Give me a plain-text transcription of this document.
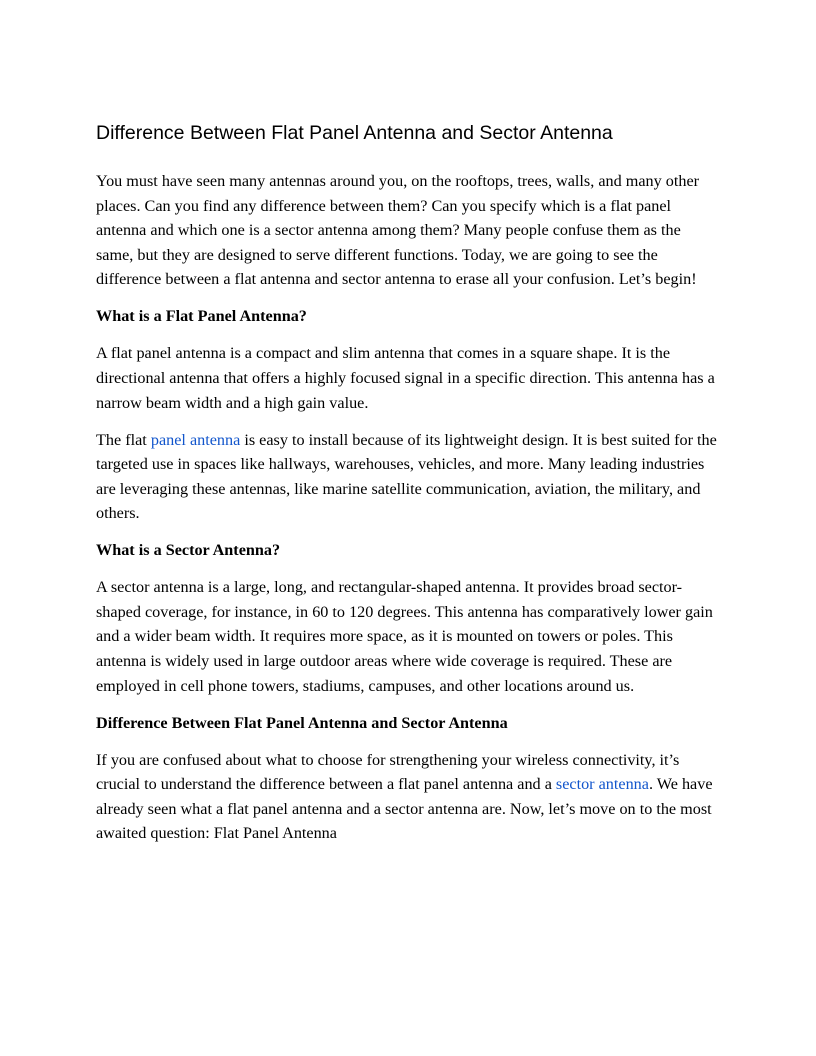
Difference Between Flat Panel Antenna and Sector Antenna

You must have seen many antennas around you, on the rooftops, trees, walls, and many other places. Can you find any difference between them? Can you specify which is a flat panel antenna and which one is a sector antenna among them? Many people confuse them as the same, but they are designed to serve different functions. Today, we are going to see the difference between a flat antenna and sector antenna to erase all your confusion. Let’s begin!

What is a Flat Panel Antenna?

A flat panel antenna is a compact and slim antenna that comes in a square shape. It is the directional antenna that offers a highly focused signal in a specific direction. This antenna has a narrow beam width and a high gain value.

The flat panel antenna is easy to install because of its lightweight design. It is best suited for the targeted use in spaces like hallways, warehouses, vehicles, and more. Many leading industries are leveraging these antennas, like marine satellite communication, aviation, the military, and others.

What is a Sector Antenna?

A sector antenna is a large, long, and rectangular-shaped antenna. It provides broad sector-shaped coverage, for instance, in 60 to 120 degrees. This antenna has comparatively lower gain and a wider beam width. It requires more space, as it is mounted on towers or poles. This antenna is widely used in large outdoor areas where wide coverage is required. These are employed in cell phone towers, stadiums, campuses, and other locations around us.

Difference Between Flat Panel Antenna and Sector Antenna

If you are confused about what to choose for strengthening your wireless connectivity, it’s crucial to understand the difference between a flat panel antenna and a sector antenna. We have already seen what a flat panel antenna and a sector antenna are. Now, let’s move on to the most awaited question: Flat Panel Antenna
